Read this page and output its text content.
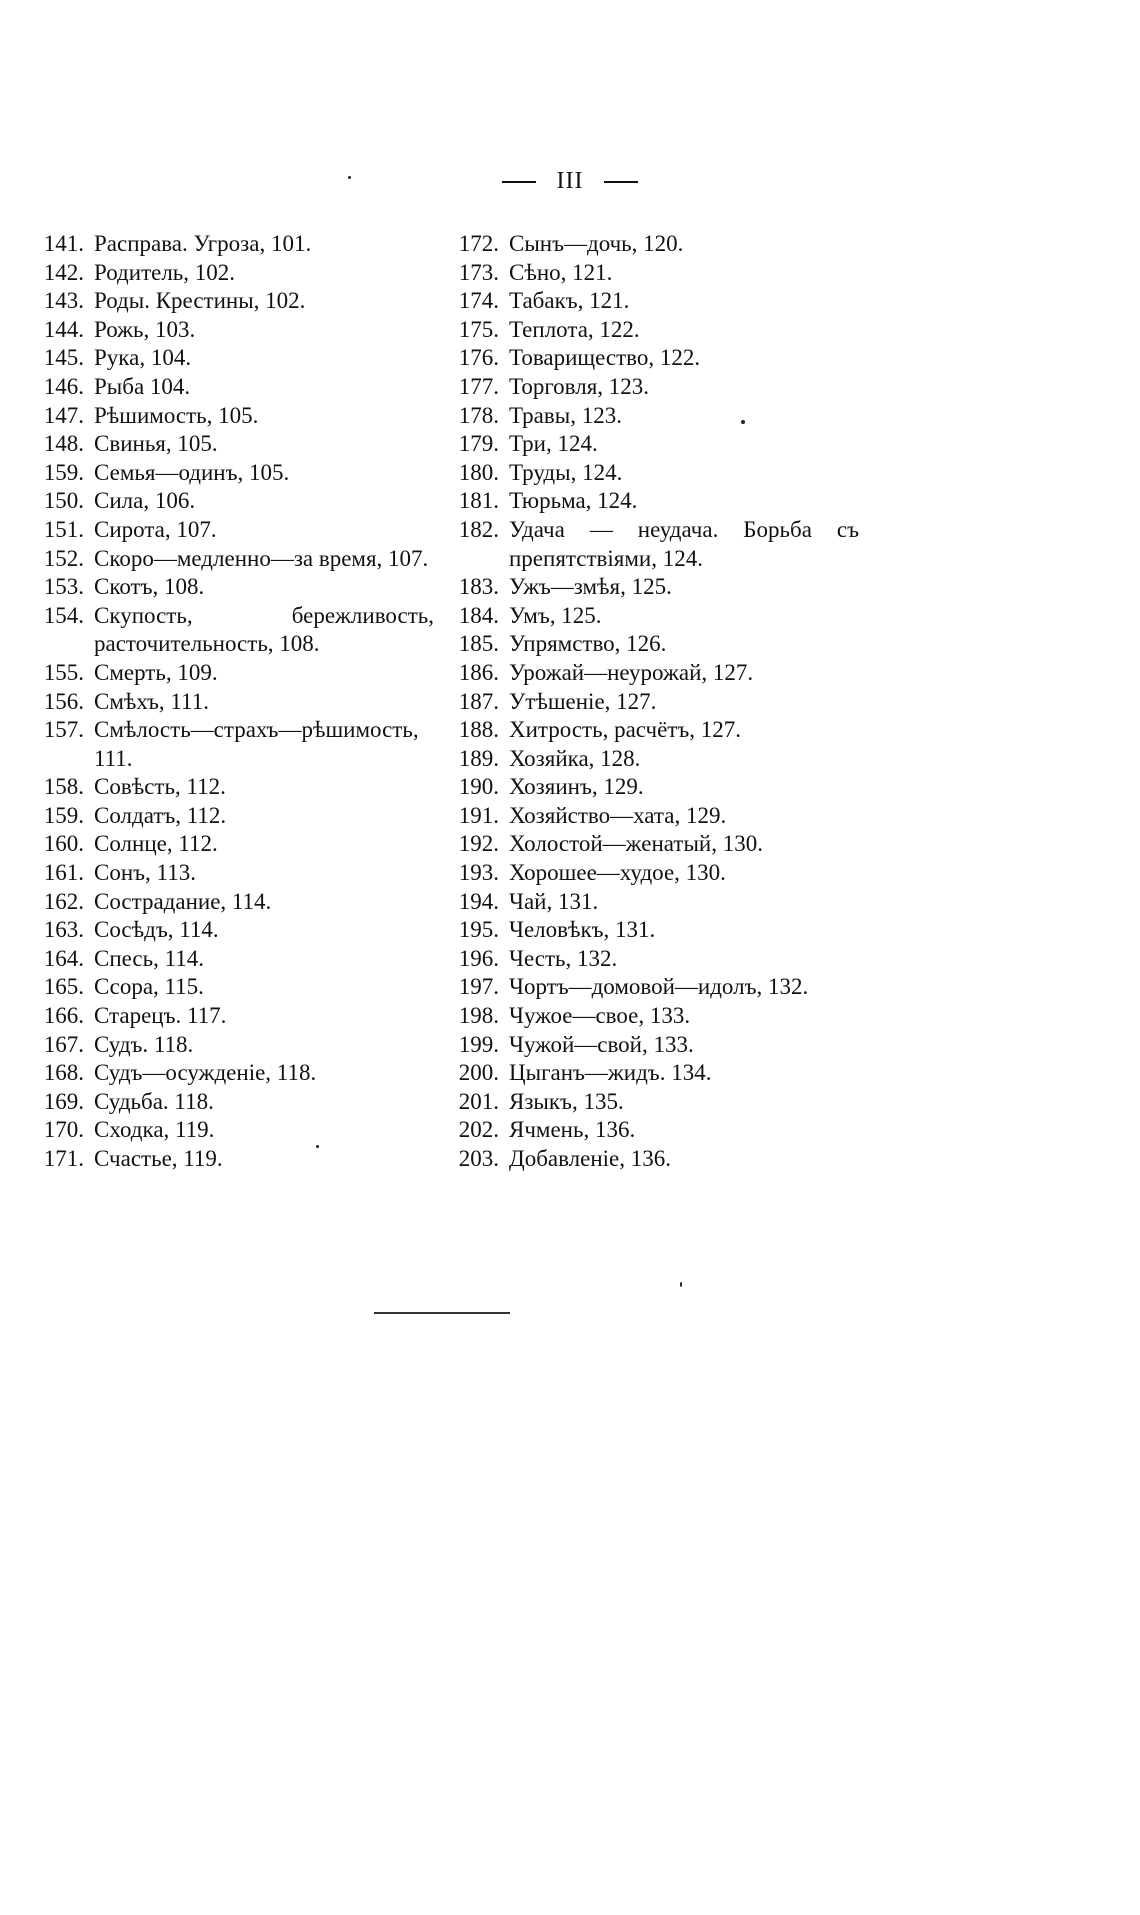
III
141. Расправа. Угроза, 101.
142. Родитель, 102.
143. Роды. Крестины, 102.
144. Рожь, 103.
145. Рука, 104.
146. Рыба 104.
147. Рѣшимость, 105.
148. Свинья, 105.
159. Семья—одинъ, 105.
150. Сила, 106.
151. Сирота, 107.
152. Скоро—медленно—за время, 107.
153. Скотъ, 108.
154. Скупость, бережливость, расточительность, 108.
155. Смерть, 109.
156. Смѣхъ, 111.
157. Смѣлость—страхъ—рѣшимость, 111.
158. Совѣсть, 112.
159. Солдатъ, 112.
160. Солнце, 112.
161. Сонъ, 113.
162. Сострадание, 114.
163. Сосѣдъ, 114.
164. Спесь, 114.
165. Ссора, 115.
166. Старецъ. 117.
167. Судъ. 118.
168. Судъ—осужденіе, 118.
169. Судьба. 118.
170. Сходка, 119.
171. Счастье, 119.
172. Сынъ—дочь, 120.
173. Сѣно, 121.
174. Табакъ, 121.
175. Теплота, 122.
176. Товарищество, 122.
177. Торговля, 123.
178. Травы, 123.
179. Три, 124.
180. Труды, 124.
181. Тюрьма, 124.
182. Удача — неудача. Борьба съ препятствіями, 124.
183. Ужъ—змѣя, 125.
184. Умъ, 125.
185. Упрямство, 126.
186. Урожай—неурожай, 127.
187. Утѣшеніе, 127.
188. Хитрость, расчётъ, 127.
189. Хозяйка, 128.
190. Хозяинъ, 129.
191. Хозяйство—хата, 129.
192. Холостой—женатый, 130.
193. Хорошее—худое, 130.
194. Чай, 131.
195. Человѣкъ, 131.
196. Честь, 132.
197. Чортъ—домовой—идолъ, 132.
198. Чужое—свое, 133.
199. Чужой—свой, 133.
200. Цыганъ—жидъ. 134.
201. Языкъ, 135.
202. Ячмень, 136.
203. Добавленіе, 136.
